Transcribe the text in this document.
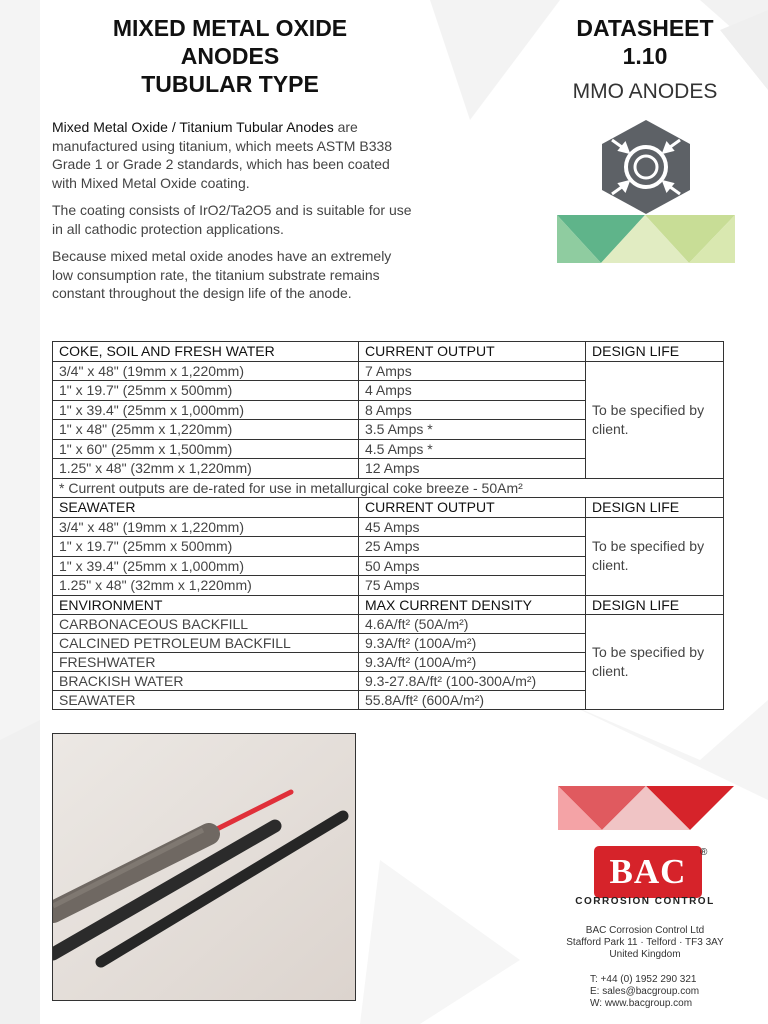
MIXED METAL OXIDE
ANODES
TUBULAR TYPE
DATASHEET
1.10
MMO ANODES

Mixed Metal Oxide / Titanium Tubular Anodes are manufactured using titanium, which meets ASTM B338 Grade 1 or Grade 2 standards, which has been coated with Mixed Metal Oxide coating.

The coating consists of IrO2/Ta2O5 and is suitable for use in all cathodic protection applications.

Because mixed metal oxide anodes have an extremely low consumption rate, the titanium substrate remains constant throughout the design life of the anode.

COKE, SOIL AND FRESH WATER	CURRENT OUTPUT	DESIGN LIFE
3/4" x 48" (19mm x 1,220mm)	7 Amps	To be specified by client.
1" x 19.7" (25mm x 500mm)	4 Amps	
1" x 39.4" (25mm x 1,000mm)	8 Amps	
1" x 48" (25mm x 1,220mm)	3.5 Amps *	
1" x 60" (25mm x 1,500mm)	4.5 Amps *	
1.25" x 48" (32mm x 1,220mm)	12 Amps	
* Current outputs are de-rated for use in metallurgical coke breeze - 50Am²		
SEAWATER	CURRENT OUTPUT	DESIGN LIFE
3/4" x 48" (19mm x 1,220mm)	45 Amps	To be specified by client.
1" x 19.7" (25mm x 500mm)	25 Amps	
1" x 39.4" (25mm x 1,000mm)	50 Amps	
1.25" x 48" (32mm x 1,220mm)	75 Amps	
ENVIRONMENT	MAX CURRENT DENSITY	DESIGN LIFE
CARBONACEOUS BACKFILL	4.6A/ft² (50A/m²)	To be specified by client.
CALCINED PETROLEUM BACKFILL	9.3A/ft² (100A/m²)	
FRESHWATER	9.3A/ft² (100A/m²)	
BRACKISH WATER	9.3-27.8A/ft² (100-300A/m²)	
SEAWATER	55.8A/ft² (600A/m²)	
BAC ®
CORROSION CONTROL
BAC Corrosion Control Ltd
Stafford Park 11 · Telford · TF3 3AY
United Kingdom
T: +44 (0) 1952 290 321
E: sales@bacgroup.com
W: www.bacgroup.com
